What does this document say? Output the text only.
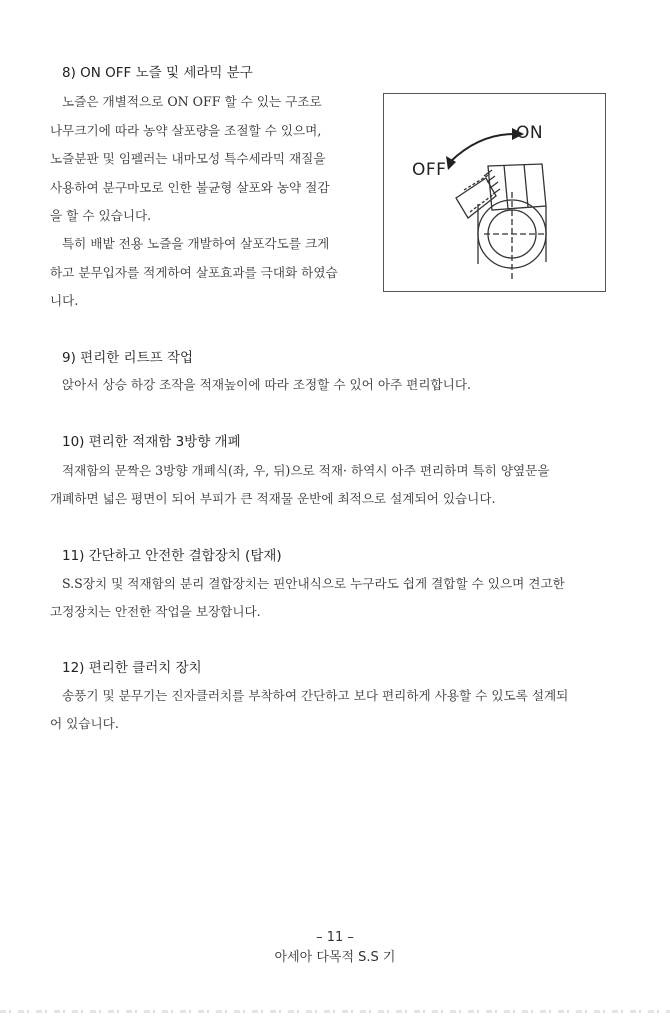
8) ON OFF 노즐 및 세라믹 분구
노즐은 개별적으로 ON OFF 할 수 있는 구조로
나무크기에 따라 농약 살포량을 조절할 수 있으며,
노즐분판 및 임펠러는 내마모성 특수세라믹 재질을
사용하여 분구마모로 인한 불균형 살포와 농약 절감
을 할 수 있습니다.
특히 배밭 전용 노즐을 개발하여 살포각도를 크게
하고 분무입자를 적게하여 살포효과를 극대화 하였습
니다.
ON
OFF
9) 편리한 리트프 작업
앉아서 상승 하강 조작을 적재높이에 따라 조정할 수 있어 아주 편리합니다.
10) 편리한 적재함 3방향 개폐
적재함의 문짝은 3방향 개폐식(좌, 우, 뒤)으로 적재· 하역시 아주 편리하며 특히 양옆문을
개폐하면 넓은 평면이 되어 부피가 큰 적재물 운반에 최적으로 설계되어 있습니다.
11) 간단하고 안전한 결합장치 (탑재)
S.S장치 및 적재함의 분리 결합장치는 핀안내식으로 누구라도 쉽게 결합할 수 있으며 견고한
고정장치는 안전한 작업을 보장합니다.
12) 편리한 클러치 장치
송풍기 및 분무기는 진자클러치를 부착하여 간단하고 보다 편리하게 사용할 수 있도록 설계되
어 있습니다.
– 11 –
아세아 다목적 S.S 기
